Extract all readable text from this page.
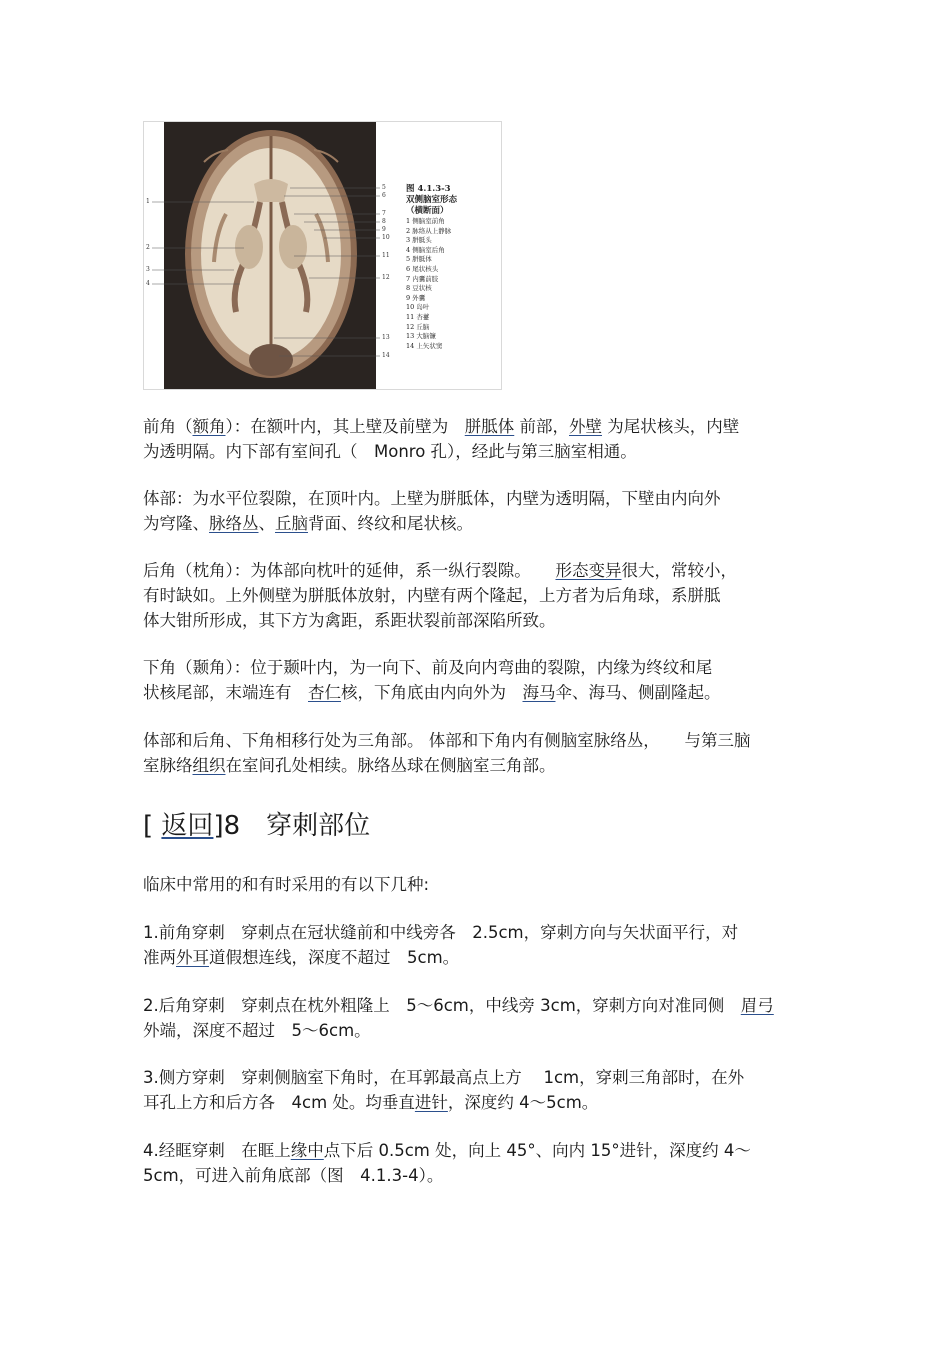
1
2
3
4
5
6
7
8
9
10
11
12
13
14
图 4.1.3-3
双侧脑室形态
（横断面）
1 侧脑室前角
2 脉络从上静脉
3 胼胝头
4 侧脑室后角
5 胼胝体
6 尾状核头
7 内囊前肢
8 豆状核
9 外囊
10 岛叶
11 杏薹
12 丘脑
13 大脑镰
14 上矢状窦
前角（额角）：在额叶内，其上壁及前壁为　胼胝体 前部，外壁 为尾状核头，内壁
为透明隔。内下部有室间孔（　Monro 孔），经此与第三脑室相通。
体部：为水平位裂隙，在顶叶内。上壁为胼胝体，内壁为透明隔，下壁由内向外
为穹隆、脉络丛、丘脑背面、终纹和尾状核。
后角（枕角）：为体部向枕叶的延伸，系一纵行裂隙。　　形态变异很大，常较小，
有时缺如。上外侧壁为胼胝体放射，内壁有两个隆起，上方者为后角球，系胼胝
体大钳所形成，其下方为禽距，系距状裂前部深陷所致。
下角（颞角）：位于颞叶内，为一向下、前及向内弯曲的裂隙，内缘为终纹和尾
状核尾部，末端连有　杏仁核，下角底由内向外为　海马伞、海马、侧副隆起。
体部和后角、下角相移行处为三角部。 体部和下角内有侧脑室脉络丛，　　与第三脑
室脉络组织在室间孔处相续。脉络丛球在侧脑室三角部。
[ 返回]8　穿刺部位
临床中常用的和有时采用的有以下几种:
1.前角穿刺　穿刺点在冠状缝前和中线旁各　2.5cm，穿刺方向与矢状面平行，对
准两外耳道假想连线，深度不超过　5cm。
2.后角穿刺　穿刺点在枕外粗隆上　5～6cm，中线旁 3cm，穿刺方向对准同侧　眉弓
外端，深度不超过　5～6cm。
3.侧方穿刺　穿刺侧脑室下角时，在耳郭最高点上方　 1cm，穿刺三角部时，在外
耳孔上方和后方各　4cm 处。均垂直进针，深度约 4～5cm。
4.经眶穿刺　在眶上缘中点下后 0.5cm 处，向上 45°、向内 15°进针，深度约 4～
5cm，可进入前角底部（图　4.1.3-4）。
